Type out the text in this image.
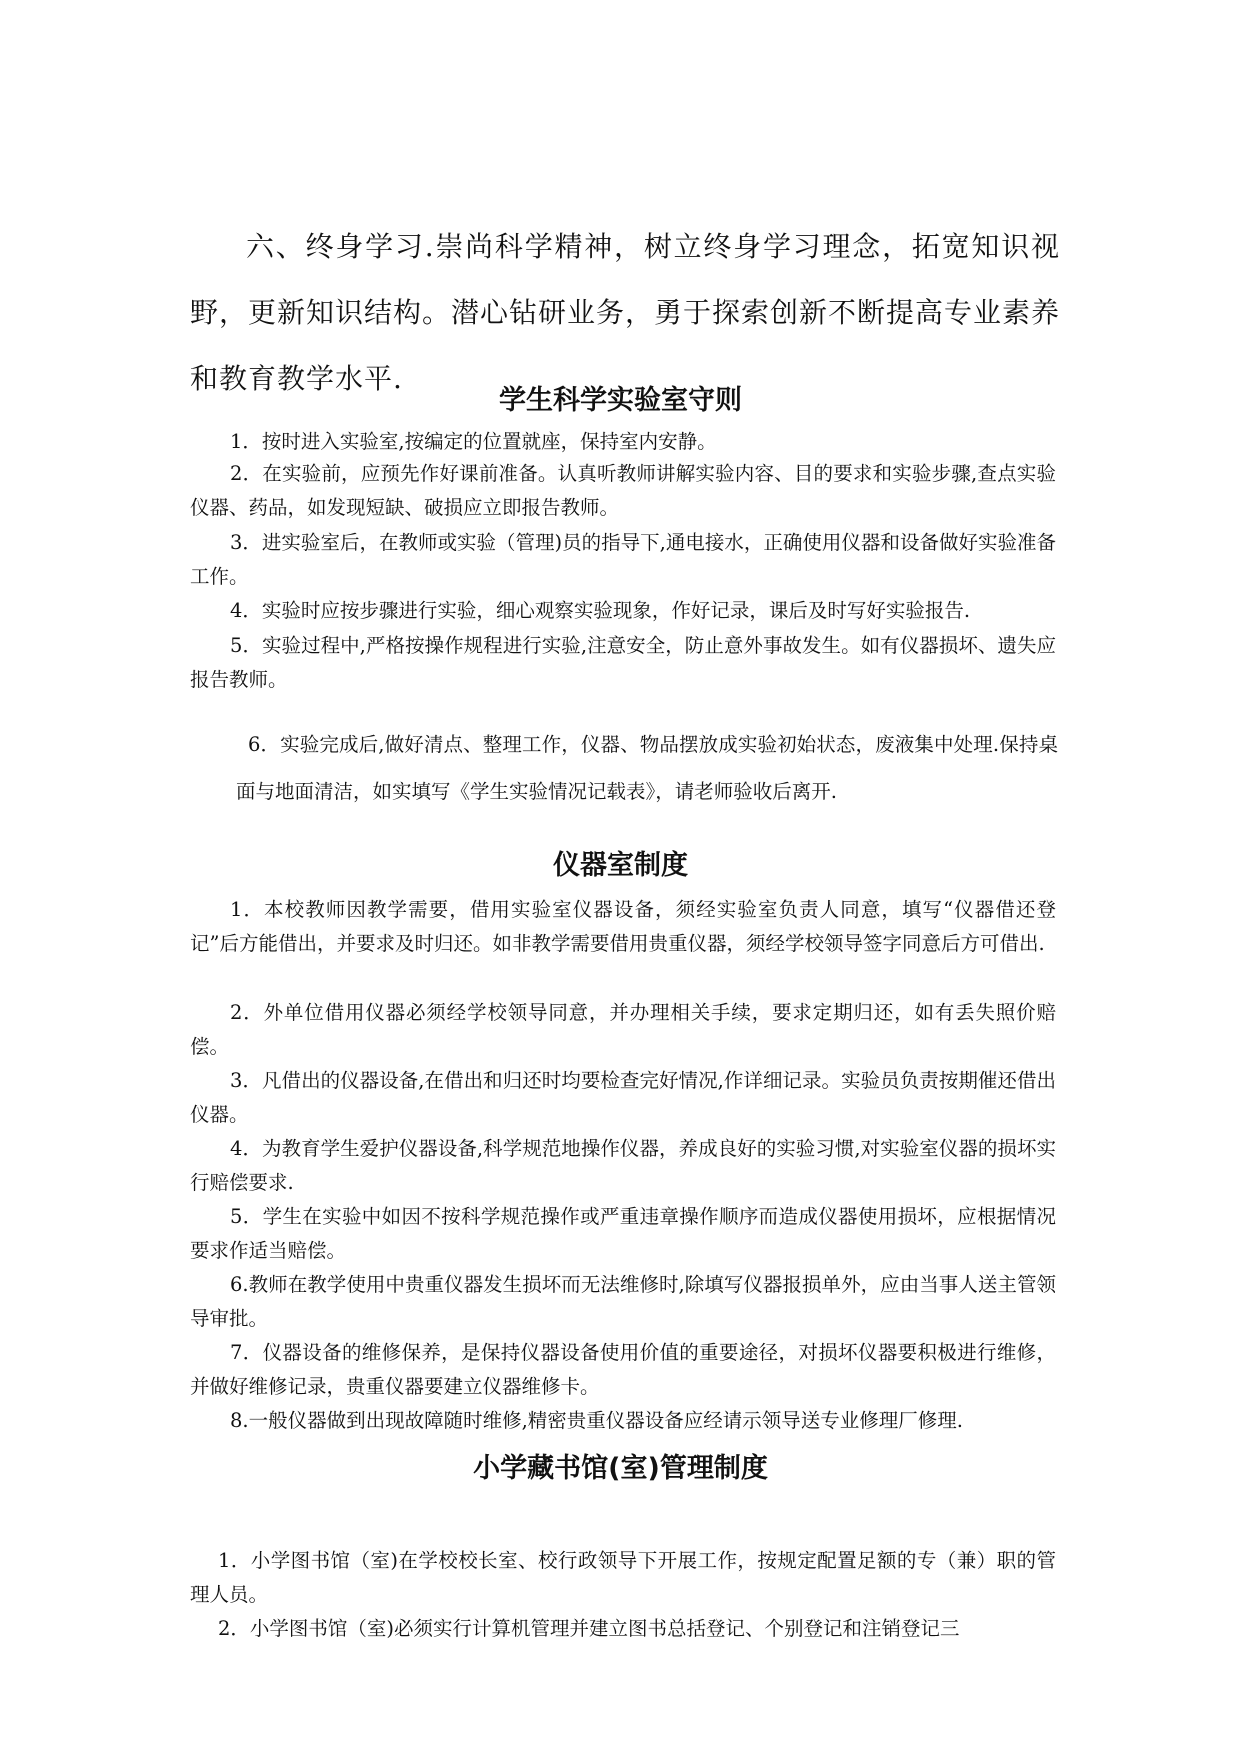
六、终身学习.崇尚科学精神，树立终身学习理念，拓宽知识视野，更新知识结构。潜心钻研业务，勇于探索创新不断提高专业素养和教育教学水平.
学生科学实验室守则
1．按时进入实验室,按编定的位置就座，保持室内安静。
2．在实验前，应预先作好课前准备。认真听教师讲解实验内容、目的要求和实验步骤,查点实验仪器、药品，如发现短缺、破损应立即报告教师。
3．进实验室后，在教师或实验（管理)员的指导下,通电接水，正确使用仪器和设备做好实验准备工作。
4．实验时应按步骤进行实验，细心观察实验现象，作好记录，课后及时写好实验报告.
5．实验过程中,严格按操作规程进行实验,注意安全，防止意外事故发生。如有仪器损坏、遗失应报告教师。
6．实验完成后,做好清点、整理工作，仪器、物品摆放成实验初始状态，废液集中处理.保持桌面与地面清洁，如实填写《学生实验情况记载表》，请老师验收后离开.
仪器室制度
1．本校教师因教学需要，借用实验室仪器设备，须经实验室负责人同意，填写“仪器借还登记”后方能借出，并要求及时归还。如非教学需要借用贵重仪器，须经学校领导签字同意后方可借出.
2．外单位借用仪器必须经学校领导同意，并办理相关手续，要求定期归还，如有丢失照价赔偿。
3．凡借出的仪器设备,在借出和归还时均要检查完好情况,作详细记录。实验员负责按期催还借出仪器。
4．为教育学生爱护仪器设备,科学规范地操作仪器，养成良好的实验习惯,对实验室仪器的损坏实行赔偿要求.
5．学生在实验中如因不按科学规范操作或严重违章操作顺序而造成仪器使用损坏，应根据情况要求作适当赔偿。
6.教师在教学使用中贵重仪器发生损坏而无法维修时,除填写仪器报损单外，应由当事人送主管领导审批。
7．仪器设备的维修保养，是保持仪器设备使用价值的重要途径，对损坏仪器要积极进行维修，并做好维修记录，贵重仪器要建立仪器维修卡。
8.一般仪器做到出现故障随时维修,精密贵重仪器设备应经请示领导送专业修理厂修理.
小学藏书馆(室)管理制度
1．小学图书馆（室)在学校校长室、校行政领导下开展工作，按规定配置足额的专（兼）职的管理人员。
2．小学图书馆（室)必须实行计算机管理并建立图书总括登记、个别登记和注销登记三
